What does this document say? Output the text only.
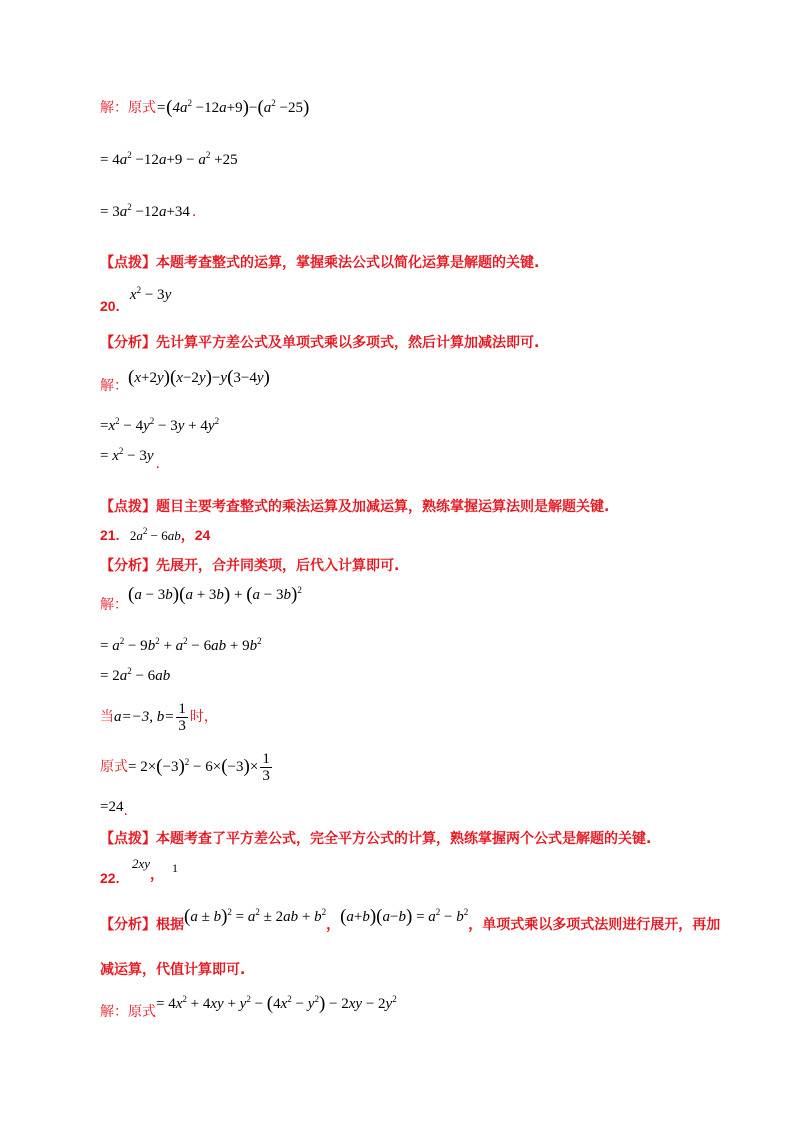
解：原式$=(4a^2 -12a+9)-(a^2 -25)$
= $4a^2 -12a+9 - a^2 +25$
= $3a^2 -12a+34$ .
【点拨】本题考查整式的运算，掌握乘法公式以简化运算是解题的关键.
20. $x^2 - 3y$
【分析】先计算平方差公式及单项式乘以多项式，然后计算加减法即可.
解：(x+2y)(x−2y)−y(3−4y)
$=x^2 - 4y^2 - 3y + 4y^2$
= $x^2 - 3y$ .
【点拨】题目主要考查整式的乘法运算及加减运算，熟练掌握运算法则是解题关键.
21. $2a^2 - 6ab$，24
【分析】先展开，合并同类项，后代入计算即可.
解：$(a - 3b)(a + 3b) + (a - 3b)^2$
= $a^2 - 9b^2 + a^2 - 6ab + 9b^2$
= $2a^2 - 6ab$
当a=−3, $b= \frac{1}{3}$ 时，
原式= $2\times(-3)^2 - 6\times(-3)\times \frac{1}{3}$
=24.
【点拨】本题考查了平方差公式，完全平方公式的计算，熟练掌握两个公式是解题的关键.
22.
2xy
， 1
【分析】根据$(a \pm b)^2 = a^2 \pm 2ab + b^2$，$(a+b)(a-b) = a^2 - b^2$，单项式乘以多项式法则进行展开，再加
减运算，代值计算即可.
解：原式= $4x^2 + 4xy + y^2 - (4x^2 - y^2) - 2xy - 2y^2$
